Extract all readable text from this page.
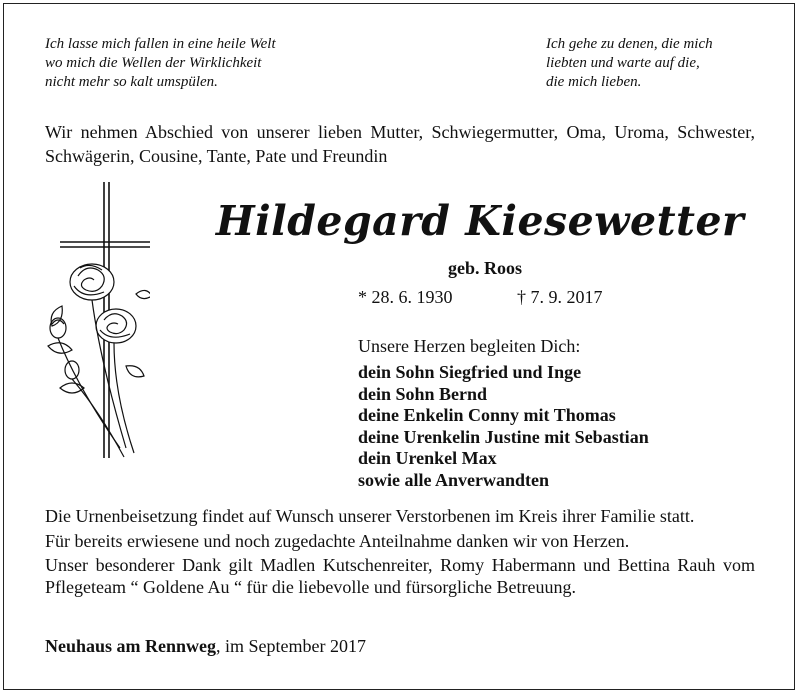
Ich lasse mich fallen in eine heile Welt
wo mich die Wellen der Wirklichkeit
nicht mehr so kalt umspülen.
Ich gehe zu denen, die mich
liebten und warte auf die,
die mich lieben.
Wir nehmen Abschied von unserer lieben Mutter, Schwiegermutter, Oma, Uroma, Schwester, Schwägerin, Cousine, Tante, Pate und Freundin
Hildegard Kiesewetter
geb. Roos
* 28. 6. 1930	† 7. 9. 2017
Unsere Herzen begleiten Dich:
dein Sohn Siegfried und Inge
dein Sohn Bernd
deine Enkelin Conny mit Thomas
deine Urenkelin Justine mit Sebastian
dein Urenkel Max
sowie alle Anverwandten

Die Urnenbeisetzung findet auf Wunsch unserer Verstorbenen im Kreis ihrer Familie statt.

Für bereits erwiesene und noch zugedachte Anteilnahme danken wir von Herzen.

Unser besonderer Dank gilt Madlen Kutschenreiter, Romy Habermann und Bettina Rauh vom Pflegeteam “ Goldene Au “ für die liebevolle und fürsorgliche Betreuung.

Neuhaus am Rennweg, im September 2017
